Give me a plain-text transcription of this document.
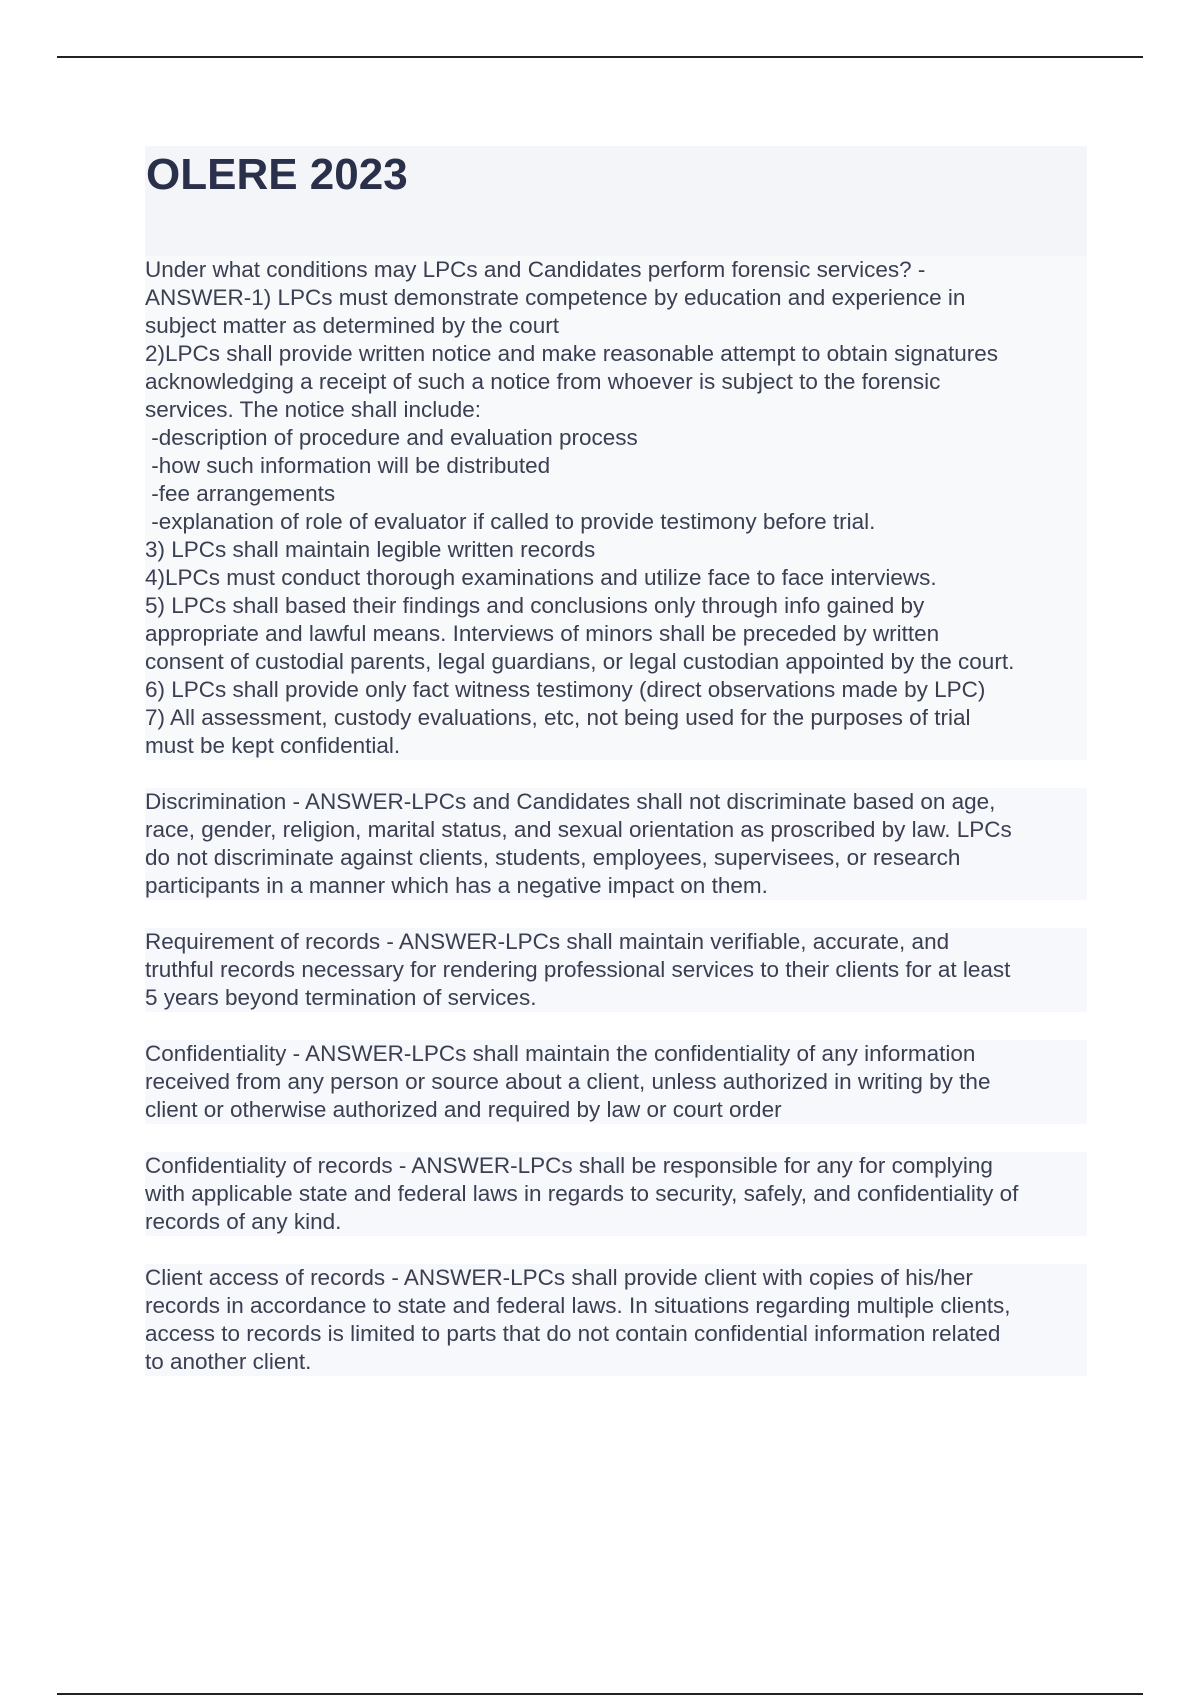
OLERE 2023
Under what conditions may LPCs and Candidates perform forensic services? -
ANSWER-1) LPCs must demonstrate competence by education and experience in
subject matter as determined by the court
2)LPCs shall provide written notice and make reasonable attempt to obtain signatures
acknowledging a receipt of such a notice from whoever is subject to the forensic
services. The notice shall include:
-description of procedure and evaluation process
-how such information will be distributed
-fee arrangements
-explanation of role of evaluator if called to provide testimony before trial.
3) LPCs shall maintain legible written records
4)LPCs must conduct thorough examinations and utilize face to face interviews.
5) LPCs shall based their findings and conclusions only through info gained by
appropriate and lawful means. Interviews of minors shall be preceded by written
consent of custodial parents, legal guardians, or legal custodian appointed by the court.
6) LPCs shall provide only fact witness testimony (direct observations made by LPC)
7) All assessment, custody evaluations, etc, not being used for the purposes of trial
must be kept confidential.
Discrimination - ANSWER-LPCs and Candidates shall not discriminate based on age,
race, gender, religion, marital status, and sexual orientation as proscribed by law. LPCs
do not discriminate against clients, students, employees, supervisees, or research
participants in a manner which has a negative impact on them.
Requirement of records - ANSWER-LPCs shall maintain verifiable, accurate, and
truthful records necessary for rendering professional services to their clients for at least
5 years beyond termination of services.
Confidentiality - ANSWER-LPCs shall maintain the confidentiality of any information
received from any person or source about a client, unless authorized in writing by the
client or otherwise authorized and required by law or court order
Confidentiality of records - ANSWER-LPCs shall be responsible for any for complying
with applicable state and federal laws in regards to security, safely, and confidentiality of
records of any kind.
Client access of records - ANSWER-LPCs shall provide client with copies of his/her
records in accordance to state and federal laws. In situations regarding multiple clients,
access to records is limited to parts that do not contain confidential information related
to another client.
